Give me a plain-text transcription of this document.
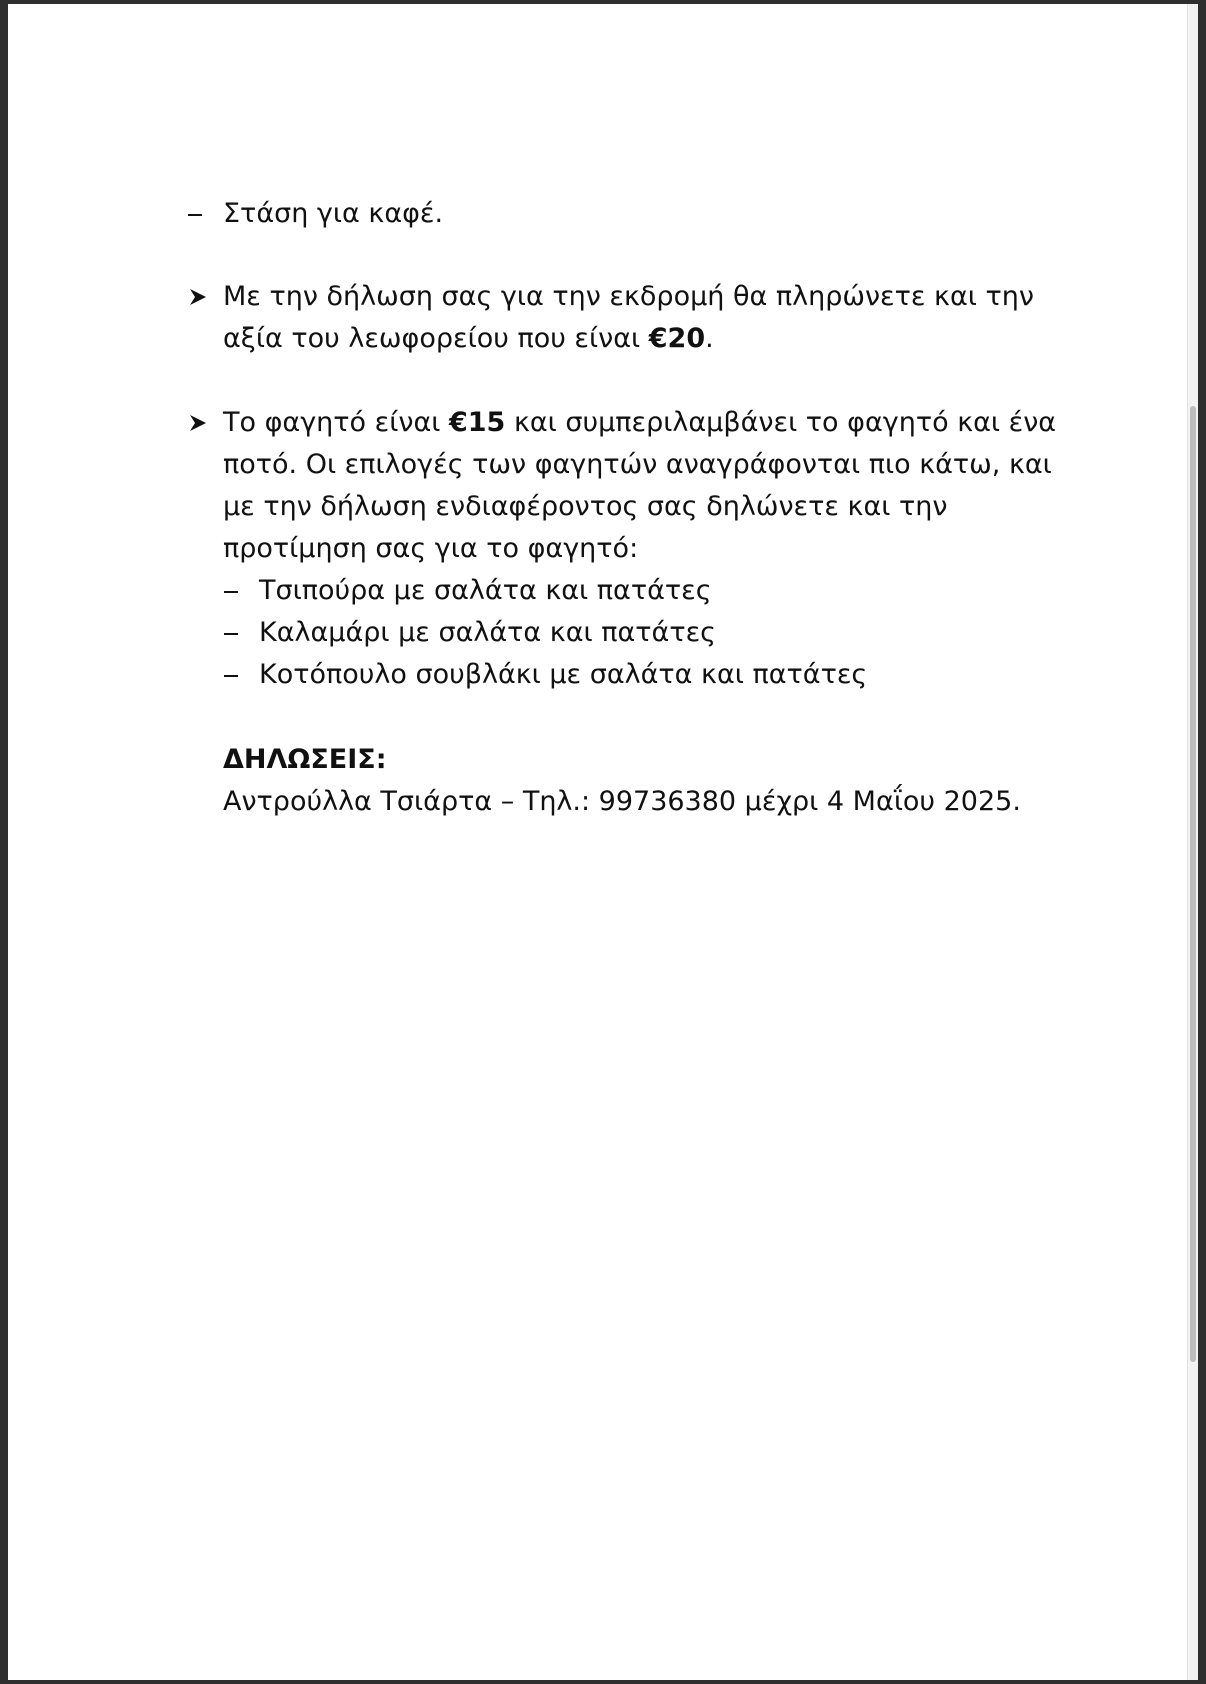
Στάση για καφέ.
Με την δήλωση σας για την εκδρομή θα πληρώνετε και την
αξία του λεωφορείου που είναι €20.
Το φαγητό είναι €15 και συμπεριλαμβάνει το φαγητό και ένα
ποτό. Οι επιλογές των φαγητών αναγράφονται πιο κάτω, και
με την δήλωση ενδιαφέροντος σας δηλώνετε και την
προτίμηση σας για το φαγητό:
Τσιπούρα με σαλάτα και πατάτες
Καλαμάρι με σαλάτα και πατάτες
Κοτόπουλο σουβλάκι με σαλάτα και πατάτες
ΔΗΛΩΣΕΙΣ:
Αντρούλλα Τσιάρτα – Τηλ.: 99736380 μέχρι 4 Μαΐου 2025.
